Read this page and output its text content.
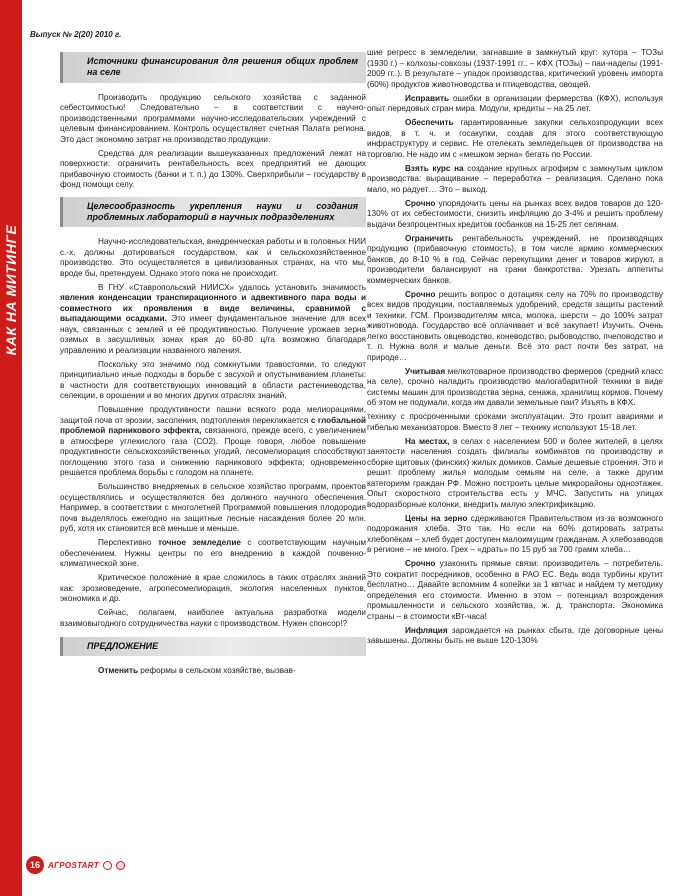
КАК НА МИТИНГЕ
Выпуск № 2(20) 2010 г.
Источники финансирования для решения общих проблем на селе

Производить продукцию сельского хозяйства с заданной себестоимостью! Следовательно – в соответствии с научно-производственными программами научно-исследовательских учреждений с целевым финансированием. Контроль осуществляет счетная Палата региона. Это даст экономию затрат на производство продукции.

Средства для реализации вышеуказанных предложений лежат на поверхности: ограничить рентабельность всех предприятий не дающих прибавочную стоимость (банки и т. п.) до 130%. Сверхприбыли – государству в фонд помощи селу.

Целесообразность укрепления науки и создания проблемных лабораторий в научных подразделениях

Научно-исследовательская, внедренческая работы и в головных НИИ с.-х. должны дотироваться государством, как и сельскохозяйственное производство. Это осуществляется в цивилизованных странах, на что мы, вроде бы, претендуем. Однако этого пока не происходит.

В ГНУ «Ставропольский НИИСХ» удалось установить значимость явления конденсации транспирационного и адвективного пара воды и совместного их проявления в виде величины, сравнимой с выпадающими осадками. Это имеет фундаментальное значение для всех наук, связанных с землей и её продуктивностью. Получение урожаев зерна озимых в засушливых зонах края до 60-80 ц/га возможно благодаря управлению и реализации названного явления.

Поскольку это значимо под сомкнутыми травостоями, то следуют принципиально иные подходы в борьбе с засухой и опустыниванием планеты: в частности для соответствующих инноваций в области растениеводства, селекции, в орошении и во многих других отраслях знаний.

Повышение продуктивности пашни всякого рода мелиорациями, защитой почв от эрозии, засоления, подтопления перекликается с глобальной проблемой парникового эффекта, связанного, прежде всего, с увеличением в атмосфере углекислого газа (СО2). Проще говоря, любое повышение продуктивности сельскохозяйственных угодий, лесомелиорация способствуют поглощению этого газа и снижению парникового эффекта; одновременно решается проблема борьбы с голодом на планете.

Большинство внедряемых в сельское хозяйство программ, проектов осуществлялись и осуществляются без должного научного обеспечения. Например, в соответствии с многолетней Программой повышения плодородия почв выделялось ежегодно на защитные лесные насаждения более 20 млн. руб, хотя их становится всё меньше и меньше.

Перспективно точное земледелие с соответствующим научным обеспечением. Нужны центры по его внедрению в каждой почвенно-климатической зоне.

Критическое положение в крае сложилось в таких отраслях знаний как: зрозиоведение, агропесомелиорация, экология населенных пунктов, экономика и др.

Сейчас, полагаем, наиболее актуальна разработка модели взаимовыгодного сотрудничества науки с производством. Нужен спонсор!?

ПРЕДЛОЖЕНИЕ

Отменить реформы в сельском хозяйстве, вызвав-

шие регресс в земледелии, загнавшие в замкнутый круг: хутора – ТОЗы (1930 г.) – колхозы-совхозы (1937-1991 гг.. – КФХ (ТОЗы) – паи-наделы (1991-2009 гг..). В результате – упадок производства, критический уровень импорта (60%) продуктов животноводства и птицеводства, овощей.

Исправить ошибки в организации фермерства (КФХ), используя опыт передовых стран мира. Модули, кредиты – на 25 лет.

Обеспечить гарантированные закупки сельхозпродукции всех видов, в т. ч. и госакупки, создав для этого соответствующую инфраструктуру и сервис. Не отелекать земледельцев от производства на торговлю. Не надо им с «мешком зерна» бегать по России.

Взять курс на создание крупных агрофирм с замкнутым циклом производства: выращивание – переработка – реализация. Сделано пока мало, но радует… Это – выход.

Срочно упорядочить цены на рынках всех видов товаров до 120-130% от их себестоимости, снизить инфляцию до 3-4% и решить проблему выдачи безпроцентных кредитов госбанков на 15-25 лет селянам.

Ограничить рентабельность учреждений, не производящих продукцию (прибавочную стоимость), в том числе армию коммерческих банков, до 8-10 % в год. Сейчас перекупщики денег и товаров жируют, а производители балансируют на грани банкротства. Урезать аппетиты коммерческих банков.

Срочно решить вопрос о дотациях селу на 70% по производству всех видов продукции, поставляемых удобрений, средств защиты растений и техники, ГСМ. Производителям мяса, молока, шерсти – до 100% затрат животновода. Государство всё оплачивает и всё закупает! Изучить. Очень легко восстановить овцеводство, коневодство, рыбоводство, пчеловодство и т. п. Нужна воля и малые деньги. Всё это раст почти без затрат, на природе…

Учитывая мелкотоварное производство фермеров (средний класс на селе), срочно наладить производство малогабаритной техники в виде системы машин для производства зерна, сенажа, хранилищ кормов. Почему об этом не подумали, когда им давали земельные паи? Изъять в КФХ.

технику с просроченными сроками эксплуатации. Это грозит авариями и гибелью механизаторов. Вместо 8 лет – технику используют 15-18 лет.

На местах, в селах с населением 500 и более жителей, в целях занятости населения создать филиалы комбинатов по производству и сборке щитовых (финских) жилых домиков. Самые дешевые строения. Это и решит проблему жилья молодым семьям на селе, а также другим категориям граждан РФ. Можно построить целые микрорайоны одноэтажек. Опыт скоростного строительства есть у МЧС. Запустить на улицах водоразборные колонки, внедрить малую электрификацию.

Цены на зерно сдерживаются Правительством из-за возможного подорожания хлеба. Это так. Но если на 60% дотировать затраты хлебопёкам – хлеб будет доступен малоимущим гражданам. А хлебозаводов в регионе – не много. Грех – «драть» по 15 руб за 700 грамм хлеба…

Срочно узаконить прямые связи: производитель – потребитель. Это сократит посредников, особенно в РАО ЕС. Ведь вода турбины крутит бесплатно… Давайте вспомним 4 копейки за 1 квтчас и найдем ту методику определения его стоимости. Именно в этом – потенциал возрождения промышленности и сельского хозяйства, ж. д. транспорта. Экономика страны – в стоимости кВт-часа!

Инфляция зарождается на рынках сбыта, где договорные цены завышены. Должны быть не выше 120-130%

16	АГРОSTART
